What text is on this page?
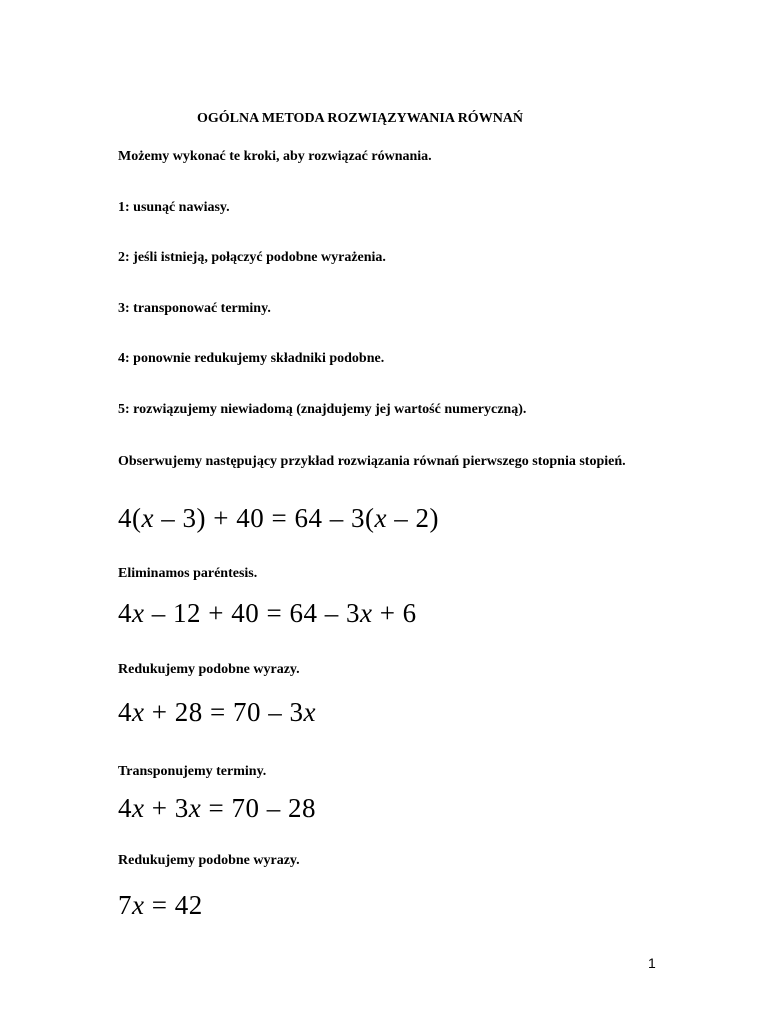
OGÓLNA METODA ROZWIĄZYWANIA RÓWNAŃ
Możemy wykonać te kroki, aby rozwiązać równania.
1: usunąć nawiasy.
2: jeśli istnieją, połączyć podobne wyrażenia.
3: transponować terminy.
4: ponownie redukujemy składniki podobne.
5: rozwiązujemy niewiadomą (znajdujemy jej wartość numeryczną).
Obserwujemy następujący przykład rozwiązania równań pierwszego stopnia stopień.
4(x – 3) + 40 = 64 – 3(x – 2)
Eliminamos paréntesis.
4x – 12 + 40 = 64 – 3x + 6
Redukujemy podobne wyrazy.
4x + 28 = 70 – 3x
Transponujemy terminy.
4x + 3x = 70 – 28
Redukujemy podobne wyrazy.
7x = 42
1
